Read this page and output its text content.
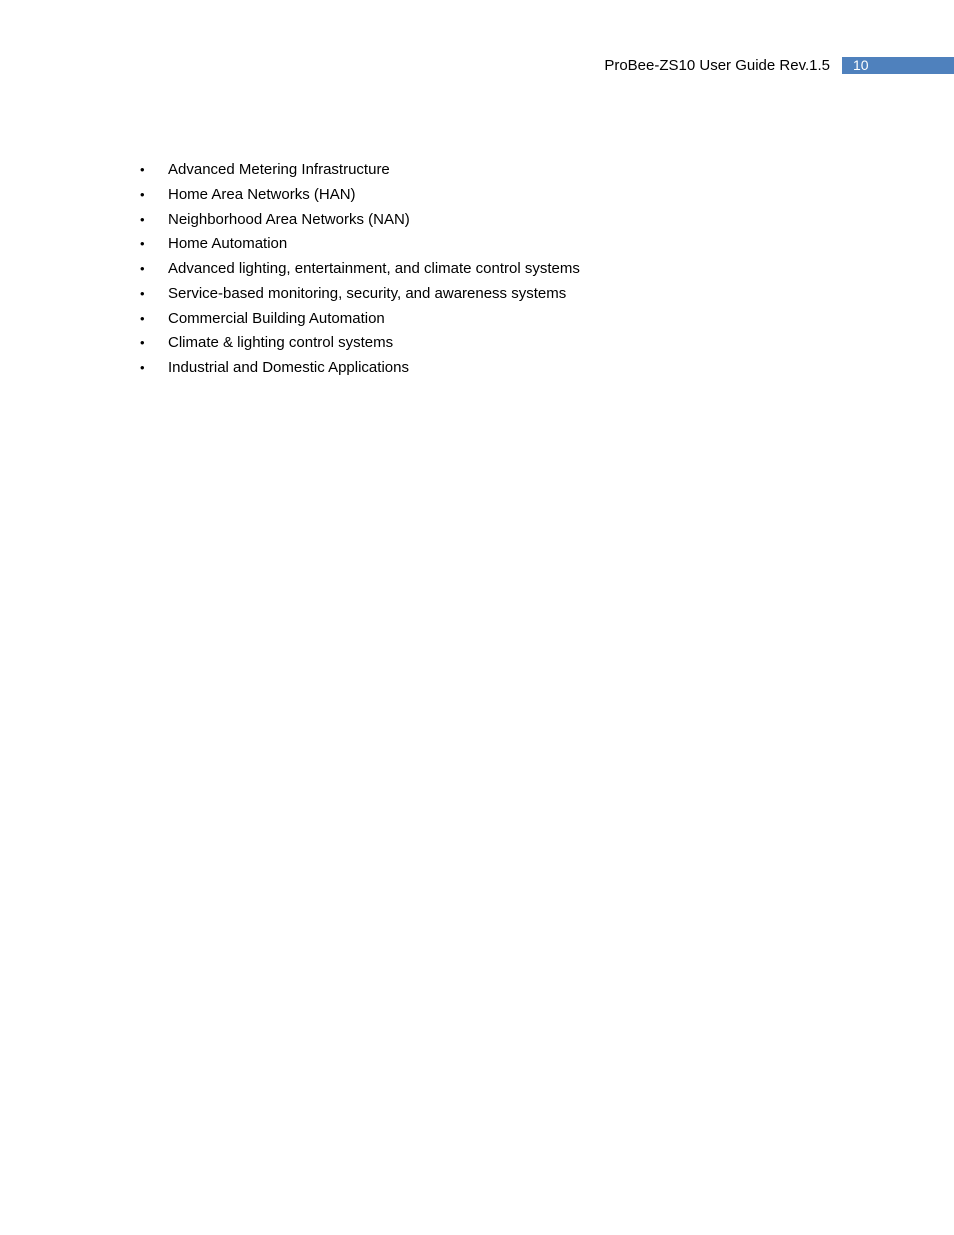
ProBee-ZS10 User Guide Rev.1.5 10
• Advanced Metering Infrastructure
• Home Area Networks (HAN)
• Neighborhood Area Networks (NAN)
• Home Automation
• Advanced lighting, entertainment, and climate control systems
• Service-based monitoring, security, and awareness systems
• Commercial Building Automation
• Climate & lighting control systems
• Industrial and Domestic Applications
